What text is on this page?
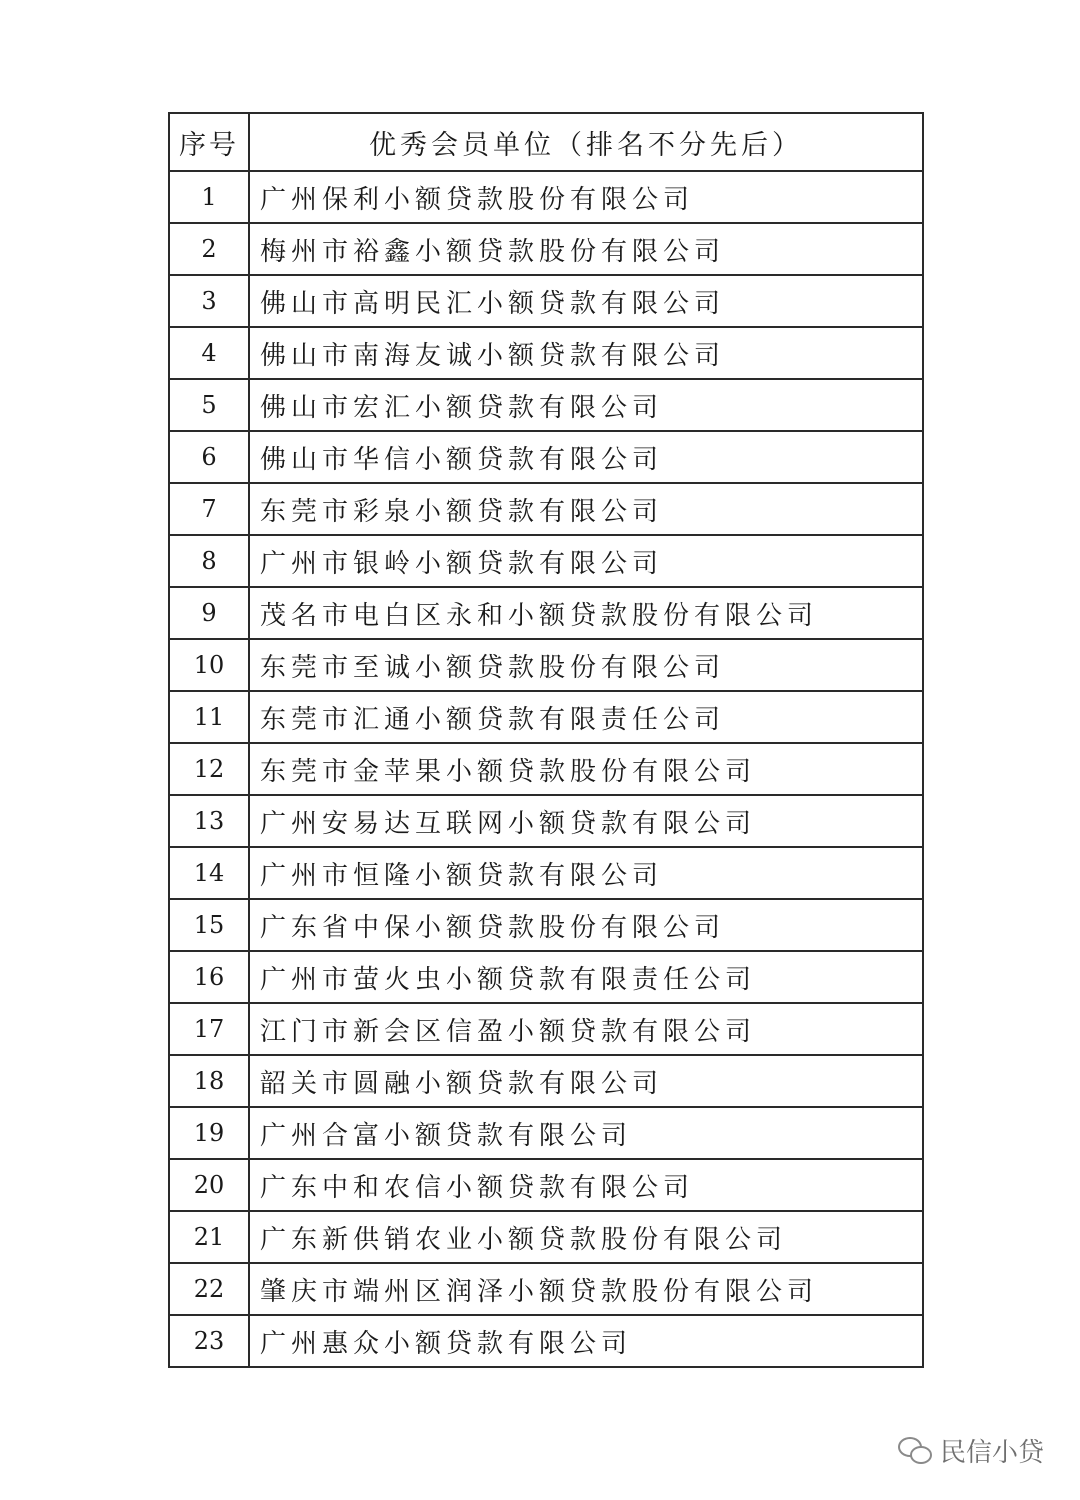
序号	优秀会员单位（排名不分先后）
1	广州保利小额贷款股份有限公司
2	梅州市裕鑫小额贷款股份有限公司
3	佛山市高明民汇小额贷款有限公司
4	佛山市南海友诚小额贷款有限公司
5	佛山市宏汇小额贷款有限公司
6	佛山市华信小额贷款有限公司
7	东莞市彩泉小额贷款有限公司
8	广州市银岭小额贷款有限公司
9	茂名市电白区永和小额贷款股份有限公司
10	东莞市至诚小额贷款股份有限公司
11	东莞市汇通小额贷款有限责任公司
12	东莞市金苹果小额贷款股份有限公司
13	广州安易达互联网小额贷款有限公司
14	广州市恒隆小额贷款有限公司
15	广东省中保小额贷款股份有限公司
16	广州市萤火虫小额贷款有限责任公司
17	江门市新会区信盈小额贷款有限公司
18	韶关市圆融小额贷款有限公司
19	广州合富小额贷款有限公司
20	广东中和农信小额贷款有限公司
21	广东新供销农业小额贷款股份有限公司
22	肇庆市端州区润泽小额贷款股份有限公司
23	广州惠众小额贷款有限公司
民信小贷
